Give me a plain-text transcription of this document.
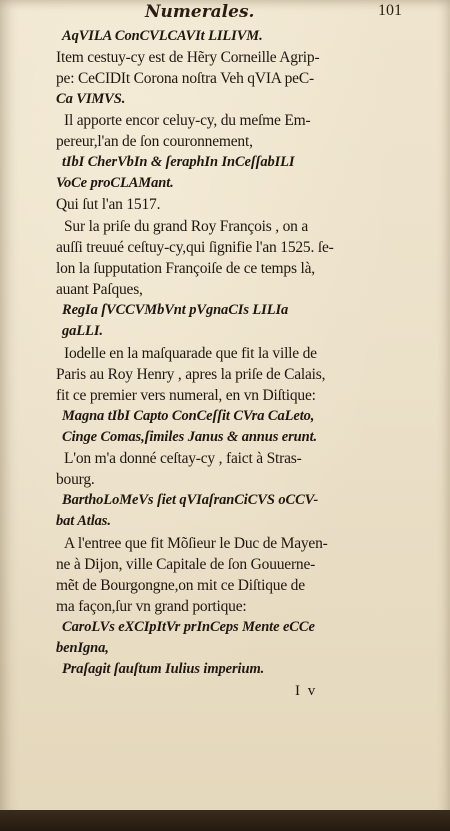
Numerales.	101
AqVILA ConCVLCAVIt LILIVM.
Item cestuy-cy est de Hẽry Corneille Agrip-
pe: CeCIDIt Corona noſtra Veh qVIA peC-
Ca VIMVS.
Il apporte encor celuy-cy, du meſme Em-
pereur,l'an de ſon couronnement,
tIbI CherVbIn & ſeraphIn InCeſſabILI
VoCe proCLAMant.
Qui ſut l'an 1517.
Sur la priſe du grand Roy François , on a
auſſi treuué ceſtuy-cy,qui ſignifie l'an 1525. ſe-
lon la ſupputation Françoiſe de ce temps là,
auant Paſques,
RegIa ſVCCVMbVnt pVgnaCIs LILIa
gaLLI.
Iodelle en la maſquarade que fit la ville de
Paris au Roy Henry , apres la priſe de Calais,
fit ce premier vers numeral, en vn Diſtique:
Magna tIbI Capto ConCeſſit CVra CaLeto,
Cinge Comas,ſimiles Janus & annus erunt.
L'on m'a donné ceſtay-cy , faict à Stras-
bourg.
BarthoLoMeVs ſiet qVIaſranCiCVS oCCV-
bat Atlas.
A l'entree que fit Mõſieur le Duc de Mayen-
ne à Dijon, ville Capitale de ſon Gouuerne-
mẽt de Bourgongne,on mit ce Diſtique de
ma façon,ſur vn grand portique:
CaroLVs eXCIpItVr prInCeps Mente eCCe
benIgna,
Praſagit ſauſtum Iulius imperium.
I v
